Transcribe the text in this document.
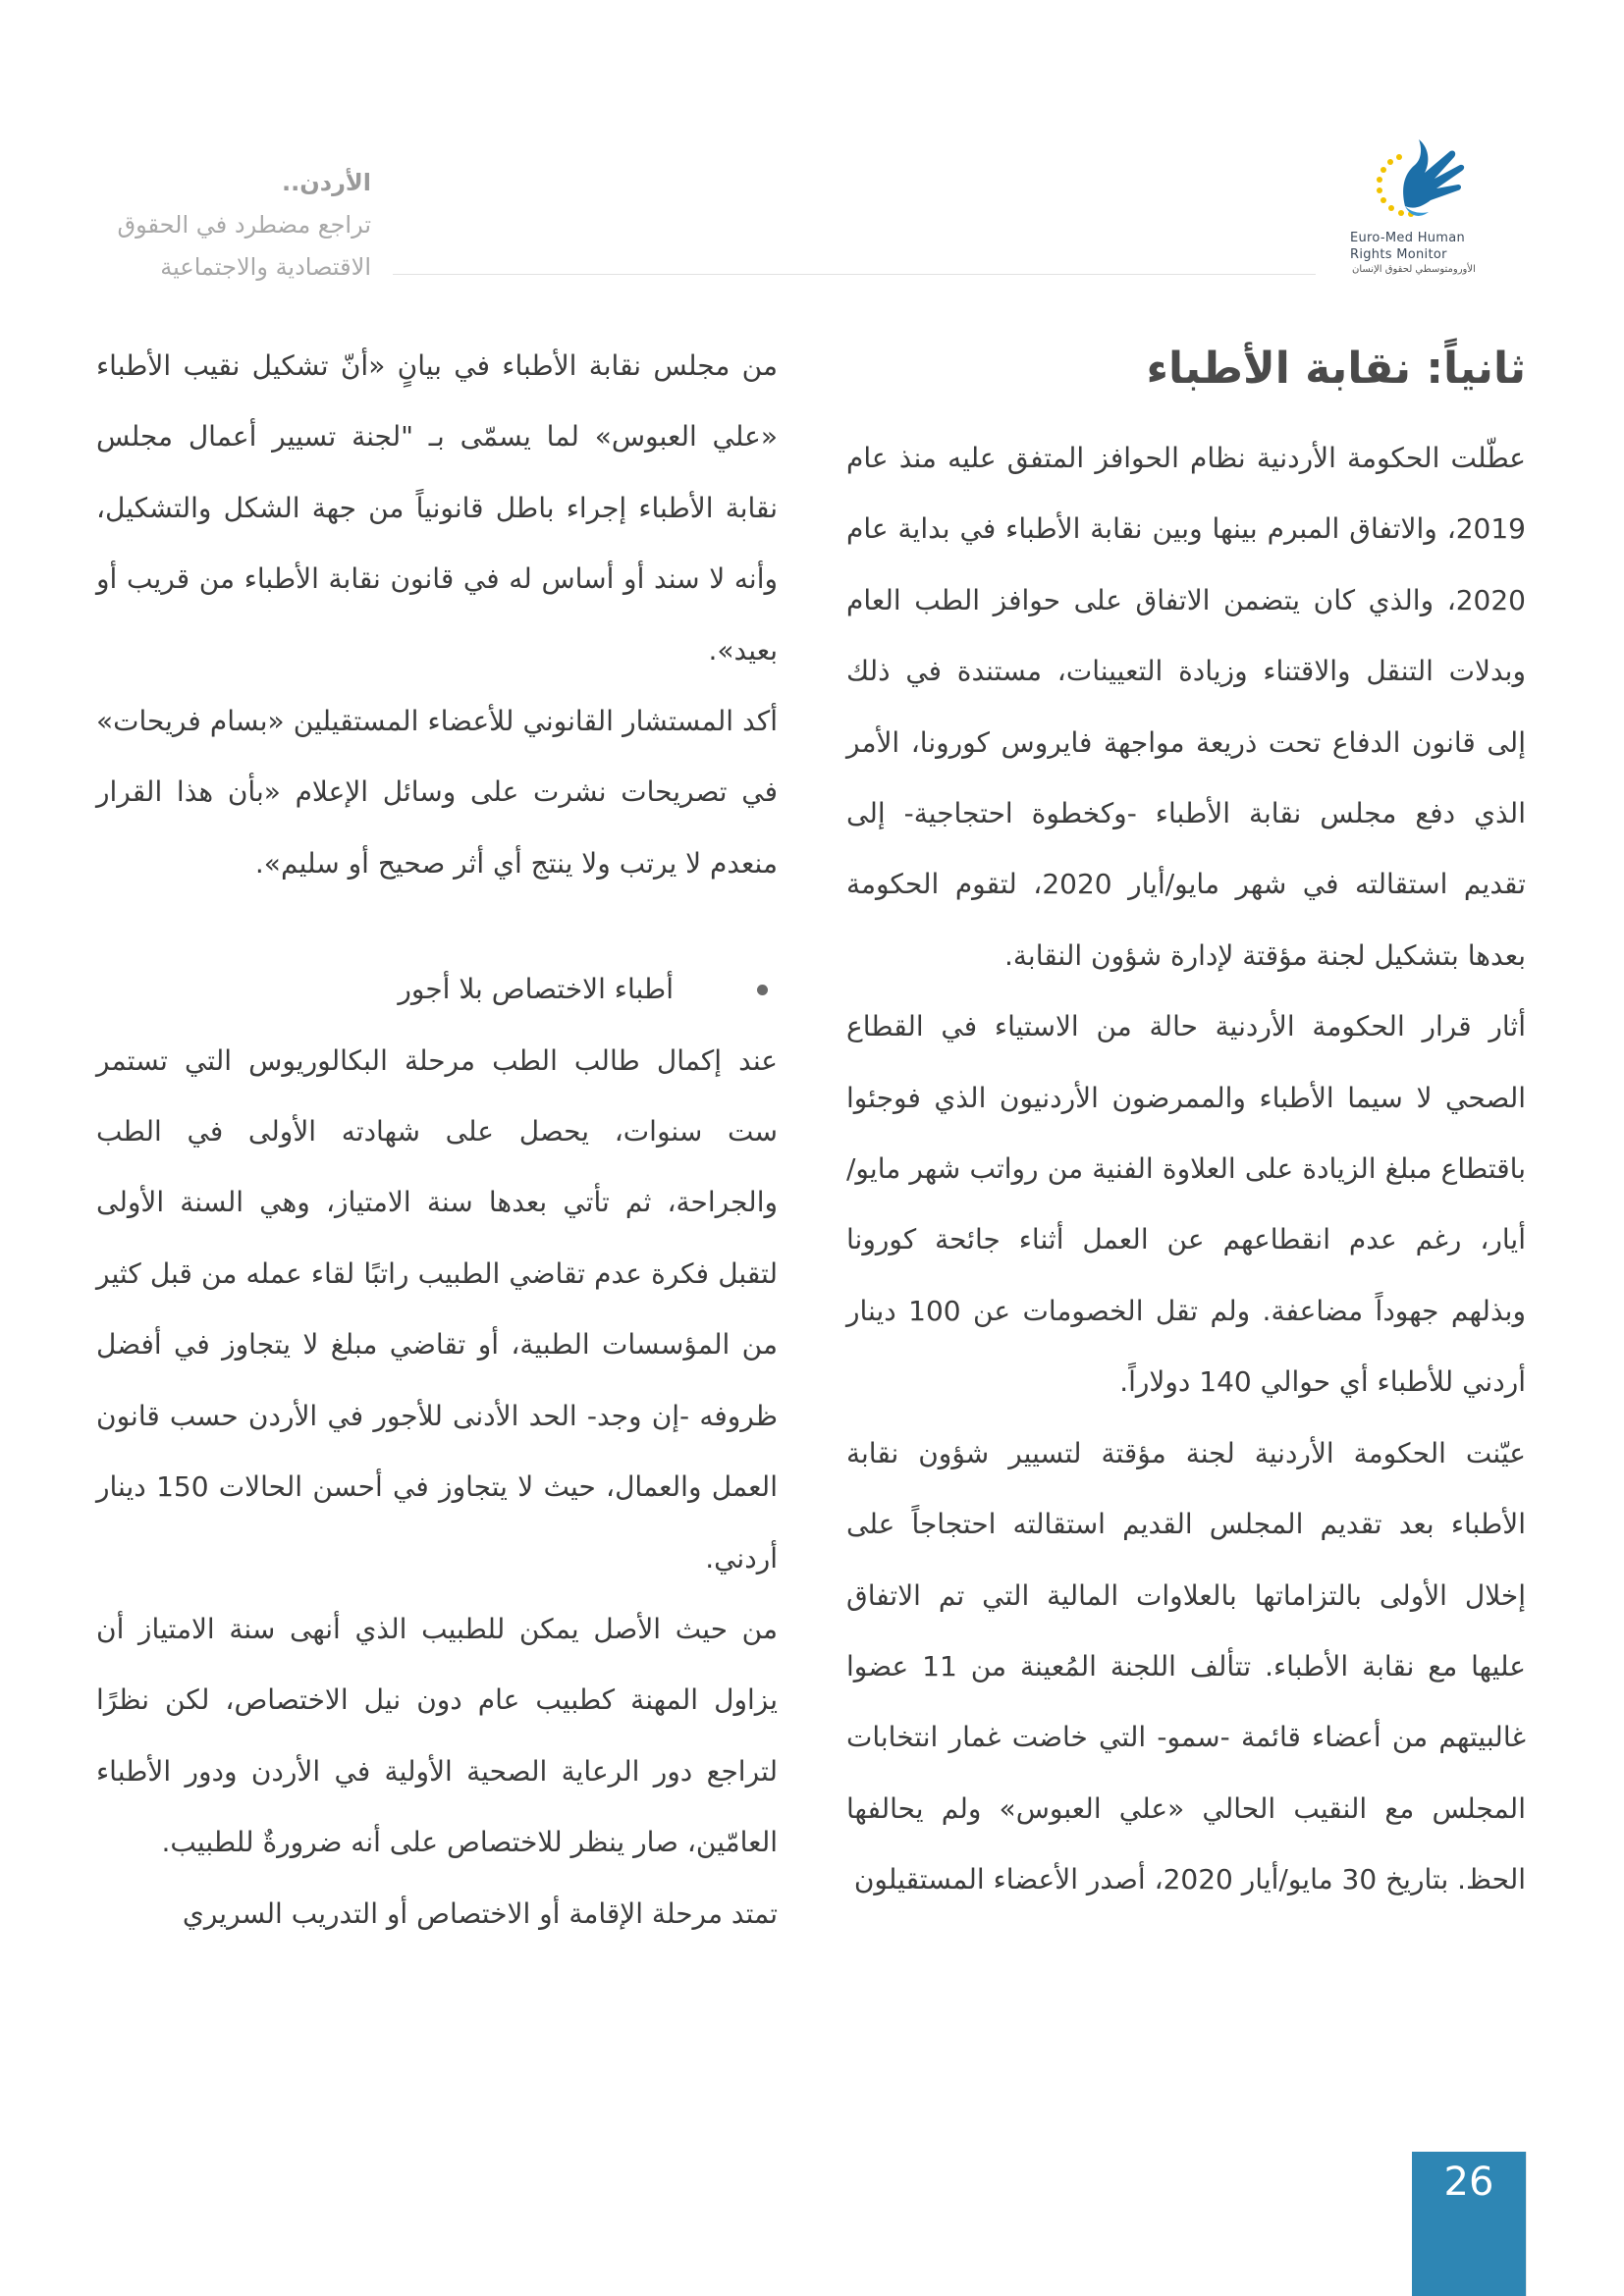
Euro-Med Human
Rights Monitor
الأورومتوسطي لحقوق الإنسان
الأردن..
تراجع مضطرد في الحقوق
الاقتصادية والاجتماعية
ثانياً: نقابة الأطباء

عطّلت الحكومة الأردنية نظام الحوافز المتفق عليه منذ عام 2019، والاتفاق المبرم بينها وبين نقابة الأطباء في بداية عام 2020، والذي كان يتضمن الاتفاق على حوافز الطب العام وبدلات التنقل والاقتناء وزيادة التعيينات، مستندة في ذلك إلى قانون الدفاع تحت ذريعة مواجهة فايروس كورونا، الأمر الذي دفع مجلس نقابة الأطباء -وكخطوة احتجاجية- إلى تقديم استقالته في شهر مايو/أيار 2020، لتقوم الحكومة بعدها بتشكيل لجنة مؤقتة لإدارة شؤون النقابة.

أثار قرار الحكومة الأردنية حالة من الاستياء في القطاع الصحي لا سيما الأطباء والممرضون الأردنيون الذي فوجئوا باقتطاع مبلغ الزيادة على العلاوة الفنية من رواتب شهر مايو/أيار، رغم عدم انقطاعهم عن العمل أثناء جائحة كورونا وبذلهم جهوداً مضاعفة. ولم تقل الخصومات عن 100 دينار أردني للأطباء أي حوالي 140 دولاراً.

عيّنت الحكومة الأردنية لجنة مؤقتة لتسيير شؤون نقابة الأطباء بعد تقديم المجلس القديم استقالته احتجاجاً على إخلال الأولى بالتزاماتها بالعلاوات المالية التي تم الاتفاق عليها مع نقابة الأطباء. تتألف اللجنة المُعينة من 11 عضوا غالبيتهم من أعضاء قائمة -سمو- التي خاضت غمار انتخابات المجلس مع النقيب الحالي «علي العبوس» ولم يحالفها الحظ. بتاريخ 30 مايو/أيار 2020، أصدر الأعضاء المستقيلون

من مجلس نقابة الأطباء في بيانٍ «أنّ تشكيل نقيب الأطباء «علي العبوس» لما يسمّى بـ "لجنة تسيير أعمال مجلس نقابة الأطباء إجراء باطل قانونياً من جهة الشكل والتشكيل، وأنه لا سند أو أساس له في قانون نقابة الأطباء من قريب أو بعيد».

أكد المستشار القانوني للأعضاء المستقيلين «بسام فريحات» في تصريحات نشرت على وسائل الإعلام «بأن هذا القرار منعدم لا يرتب ولا ينتج أي أثر صحيح أو سليم».

أطباء الاختصاص بلا أجور

عند إكمال طالب الطب مرحلة البكالوريوس التي تستمر ست سنوات، يحصل على شهادته الأولى في الطب والجراحة، ثم تأتي بعدها سنة الامتياز، وهي السنة الأولى لتقبل فكرة عدم تقاضي الطبيب راتبًا لقاء عمله من قبل كثير من المؤسسات الطبية، أو تقاضي مبلغ لا يتجاوز في أفضل ظروفه -إن وجد- الحد الأدنى للأجور في الأردن حسب قانون العمل والعمال، حيث لا يتجاوز في أحسن الحالات 150 دينار أردني.

من حيث الأصل يمكن للطبيب الذي أنهى سنة الامتياز أن يزاول المهنة كطبيب عام دون نيل الاختصاص، لكن نظرًا لتراجع دور الرعاية الصحية الأولية في الأردن ودور الأطباء العامّين، صار ينظر للاختصاص على أنه ضرورةٌ للطبيب.

تمتد مرحلة الإقامة أو الاختصاص أو التدريب السريري

26
